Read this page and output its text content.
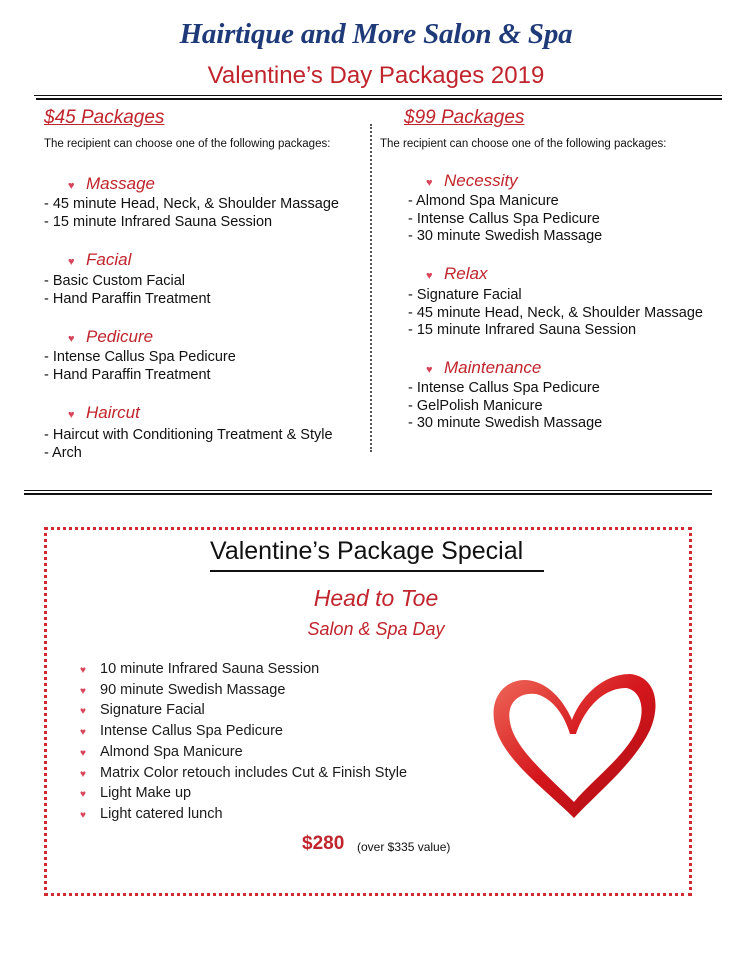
Hairtique and More Salon & Spa
Valentine’s Day Packages 2019
$45 Packages
The recipient can choose one of the following packages:
$99 Packages
The recipient can choose one of the following packages:
♥ Massage
- 45 minute Head, Neck, & Shoulder Massage
- 15 minute Infrared Sauna Session
♥ Facial
- Basic Custom Facial
- Hand Paraffin Treatment
♥ Pedicure
- Intense Callus Spa Pedicure
- Hand Paraffin Treatment
♥ Haircut
- Haircut with Conditioning Treatment & Style
- Arch
♥ Necessity
- Almond Spa Manicure
- Intense Callus Spa Pedicure
- 30 minute Swedish Massage
♥ Relax
- Signature Facial
- 45 minute Head, Neck, & Shoulder Massage
- 15 minute Infrared Sauna Session
♥ Maintenance
- Intense Callus Spa Pedicure
- GelPolish Manicure
- 30 minute Swedish Massage
Valentine’s Package Special
Head to Toe
Salon & Spa Day
♥ 10 minute Infrared Sauna Session
♥ 90 minute Swedish Massage
♥ Signature Facial
♥ Intense Callus Spa Pedicure
♥ Almond Spa Manicure
♥ Matrix Color retouch includes Cut & Finish Style
♥ Light Make up
♥ Light catered lunch
$280 (over $335 value)
